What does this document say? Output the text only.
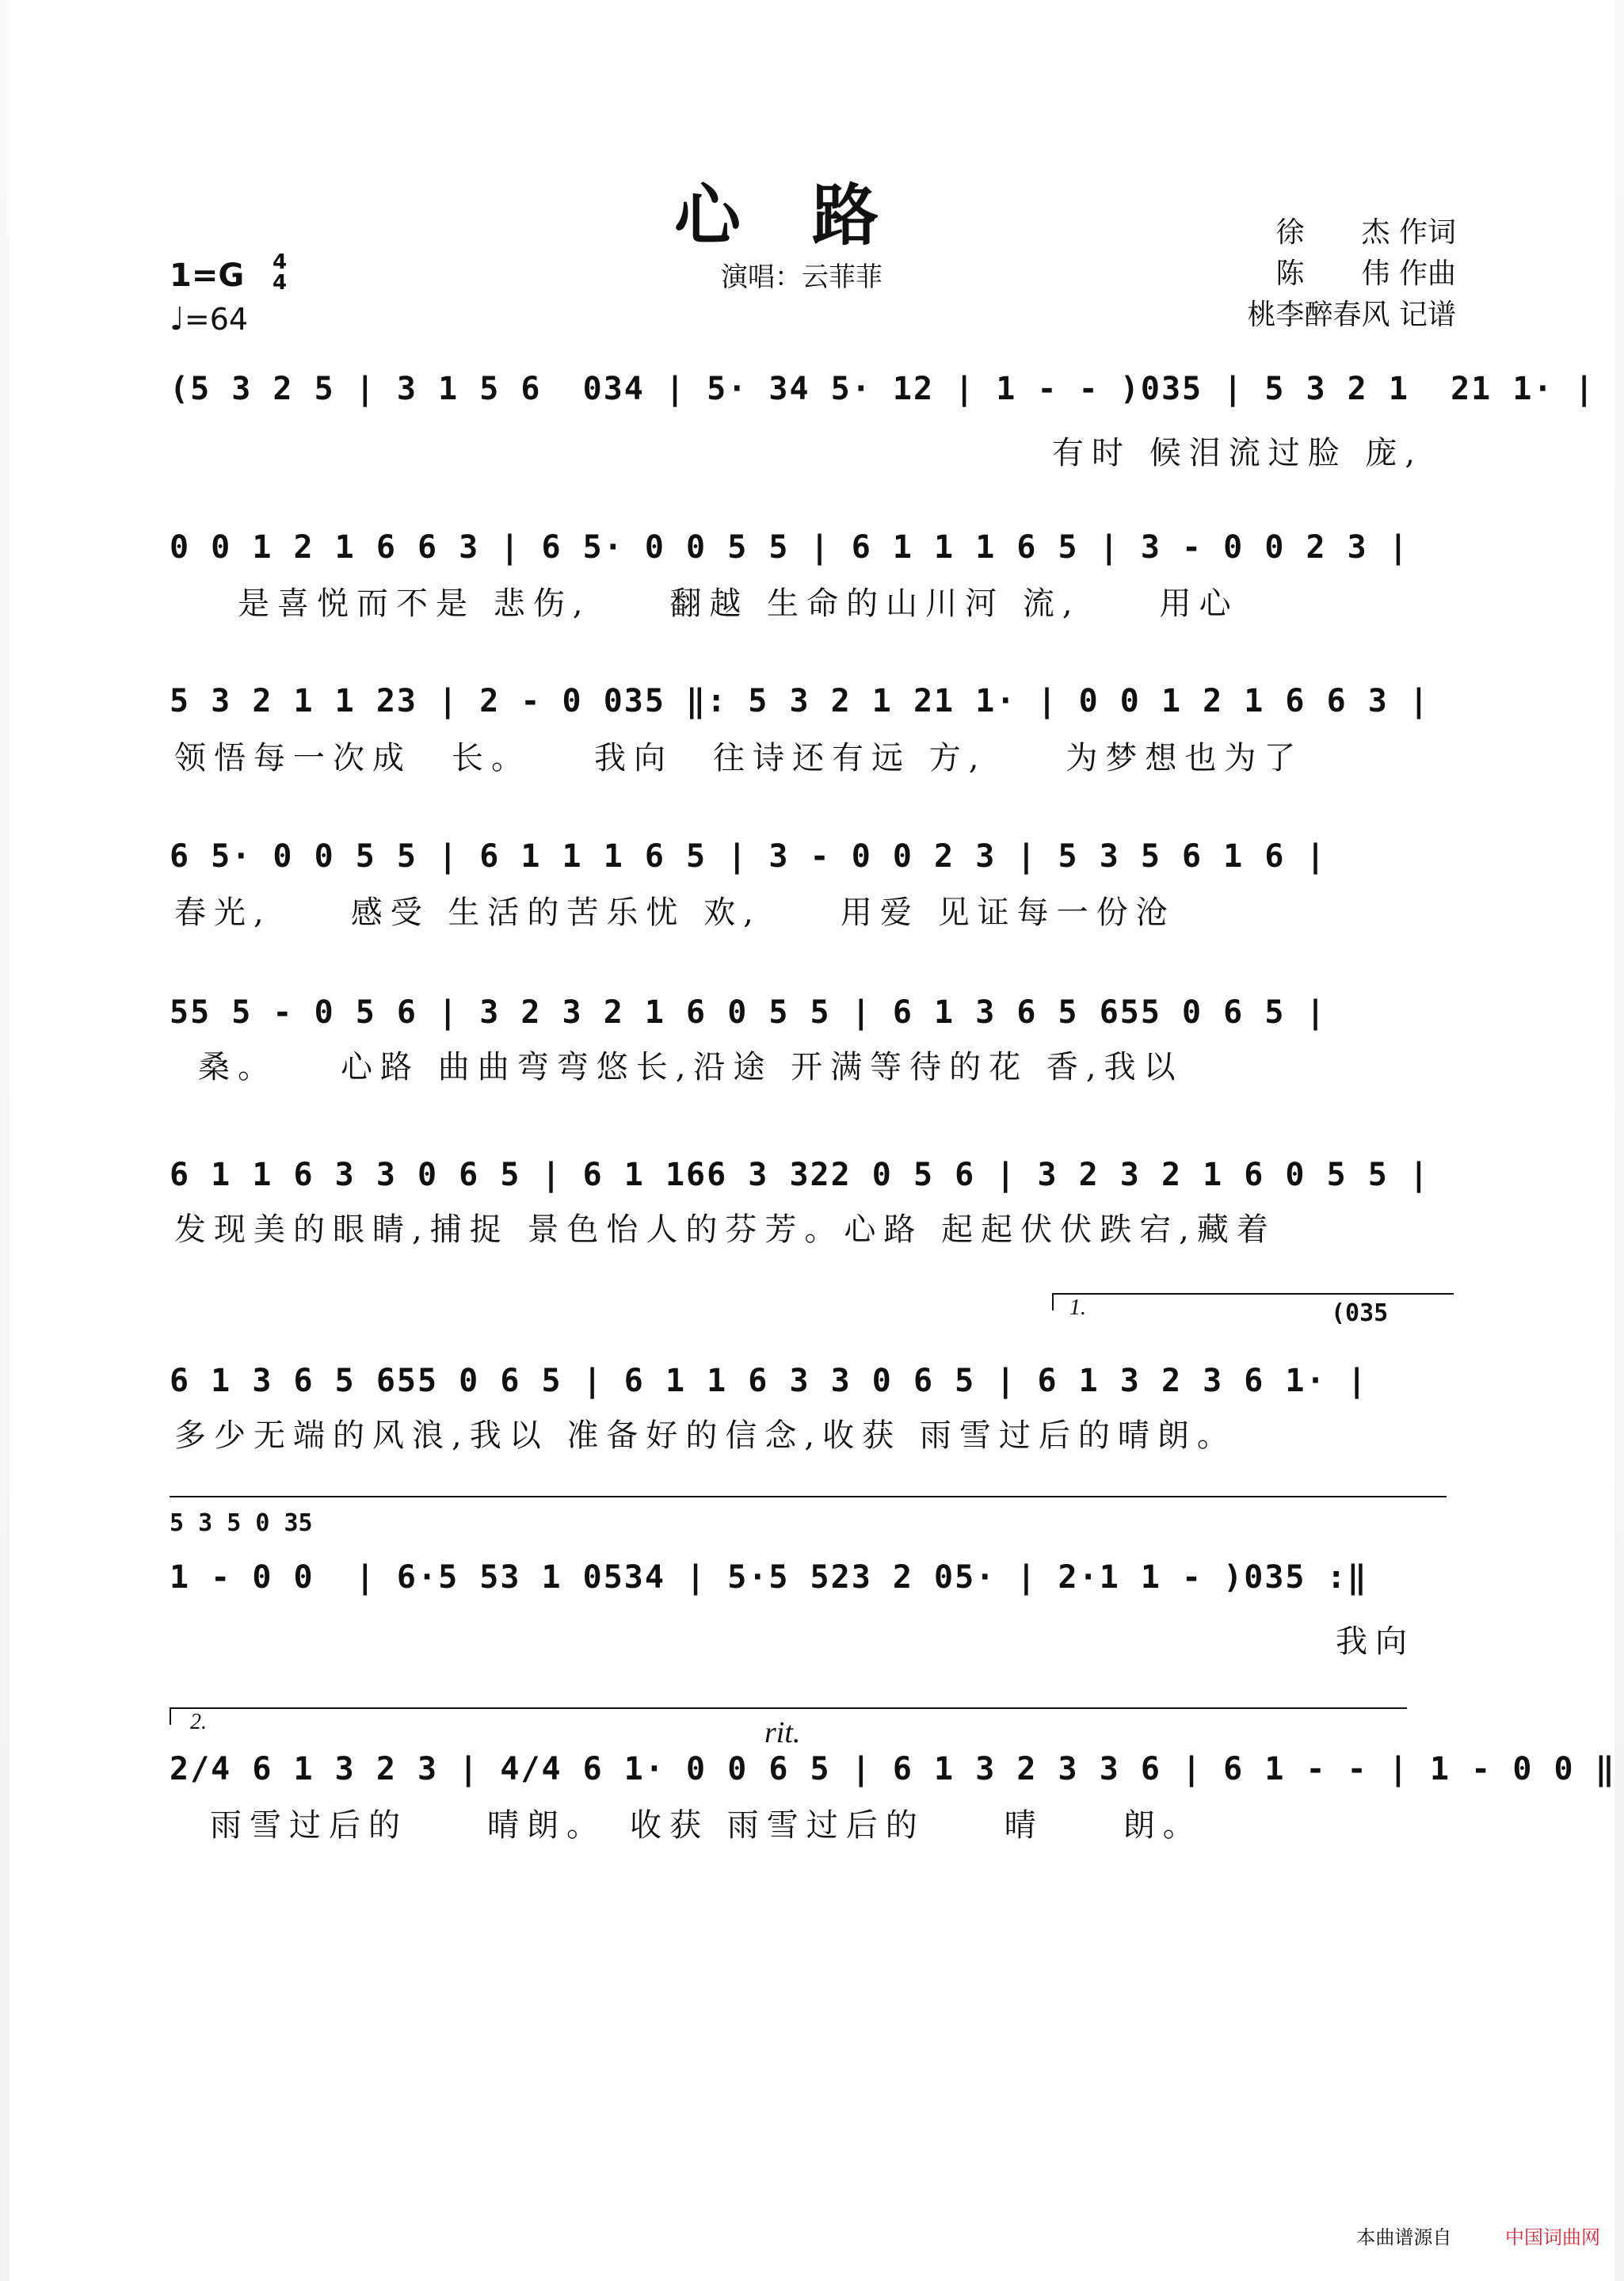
心路
演唱：云菲菲
徐　　杰 作词
陈　　伟 作曲
桃李醉春风 记谱
1=G 4
4
♩=64
(5 3 2 5 | 3 1 5 6  034 | 5· 34 5· 12 | 1 - - )035 | 5 3 2 1  21 1· |
有时 候泪流过脸 庞,
0 0 1 2 1 6 6 3 | 6 5· 0 0 5 5 | 6 1 1 1 6 5 | 3 - 0 0 2 3 |
是喜悦而不是 悲伤,　　翻越 生命的山川河 流,　　用心
5 3 2 1 1 23 | 2 - 0 035 ‖: 5 3 2 1 21 1· | 0 0 1 2 1 6 6 3 |
领悟每一次成　长。　　我向　往诗还有远 方,　　为梦想也为了
6 5· 0 0 5 5 | 6 1 1 1 6 5 | 3 - 0 0 2 3 | 5 3 5 6 1 6 |
春光,　　感受 生活的苦乐忧 欢,　　用爱 见证每一份沧
55 5 - 0 5 6 | 3 2 3 2 1 6 0 5 5 | 6 1 3 6 5 655 0 6 5 |
桑。　　心路 曲曲弯弯悠长,沿途 开满等待的花 香,我以
6 1 1 6 3 3 0 6 5 | 6 1 166 3 322 0 5 6 | 3 2 3 2 1 6 0 5 5 |
发现美的眼睛,捕捉 景色怡人的芬芳。心路 起起伏伏跌宕,藏着
1.	(035
6 1 3 6 5 655 0 6 5 | 6 1 1 6 3 3 0 6 5 | 6 1 3 2 3 6 1· |
多少无端的风浪,我以 准备好的信念,收获 雨雪过后的晴朗。
5 3 5 0 35
1 - 0 0  | 6·5 53 1 0534 | 5·5 523 2 05· | 2·1 1 - )035 :‖
我向
2.	rit.
2/4 6 1 3 2 3 | 4/4 6 1· 0 0 6 5 | 6 1 3 2 3 3 6 | 6 1 - - | 1 - 0 0 ‖
雨雪过后的　　晴朗。　收获 雨雪过后的　　晴　　朗。
本曲谱源自	中国词曲网
